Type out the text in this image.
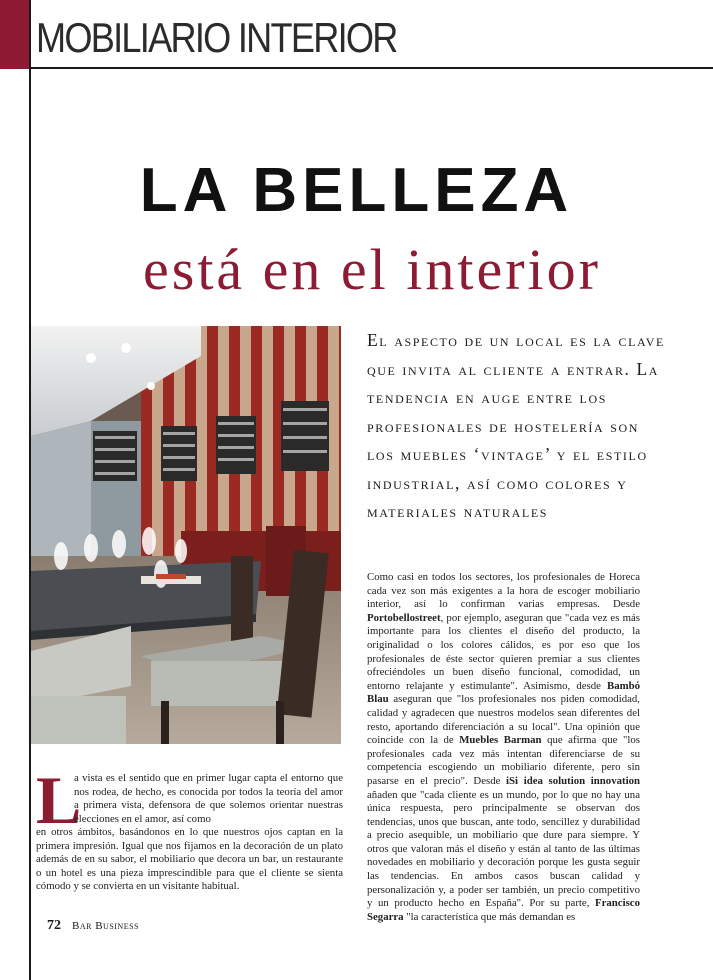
MOBILIARIO INTERIOR
LA BELLEZA
está en el interior
El aspecto de un local es la clave que invita al cliente a entrar. La tendencia en auge entre los profesionales de hostelería son los muebles ‘vintage’ y el estilo industrial, así como colores y materiales naturales
Como casi en todos los sectores, los profesionales de Horeca cada vez son más exigentes a la hora de escoger mobiliario interior, así lo confirman varias empresas. Desde Portobellostreet, por ejemplo, aseguran que "cada vez es más importante para los clientes el diseño del producto, la originalidad o los colores cálidos, es por eso que los profesionales de éste sector quieren premiar a sus clientes ofreciéndoles un buen diseño funcional, comodidad, un entorno relajante y estimulante". Asimismo, desde Bambó Blau aseguran que "los profesionales nos piden comodidad, calidad y agradecen que nuestros modelos sean diferentes del resto, aportando diferenciación a su local". Una opinión que coincide con la de Muebles Barman que afirma que "los profesionales cada vez más intentan diferenciarse de su competencia escogiendo un mobiliario diferente, pero sin pasarse en el precio". Desde iSi idea solution innovation añaden que "cada cliente es un mundo, por lo que no hay una única respuesta, pero principalmente se observan dos tendencias, unos que buscan, ante todo, sencillez y durabilidad a precio asequible, un mobiliario que dure para siempre. Y otros que valoran más el diseño y están al tanto de las últimas novedades en mobiliario y decoración porque les gusta seguir las tendencias. En ambos casos buscan calidad y personalización y, a poder ser también, un precio competitivo y un producto hecho en España". Por su parte, Francisco Segarra "la característica que más demandan es
L
a vista es el sentido que en primer lugar capta el entorno que nos rodea, de hecho, es conocida por todos la teoría del amor a primera vista, defensora de que solemos orientar nuestras elecciones en el amor, así como
en otros ámbitos, basándonos en lo que nuestros ojos captan en la primera impresión. Igual que nos fijamos en la decoración de un plato además de en su sabor, el mobiliario que decora un bar, un restaurante o un hotel es una pieza imprescindible para que el cliente se sienta cómodo y se convierta en un visitante habitual.
72 Bar Business
